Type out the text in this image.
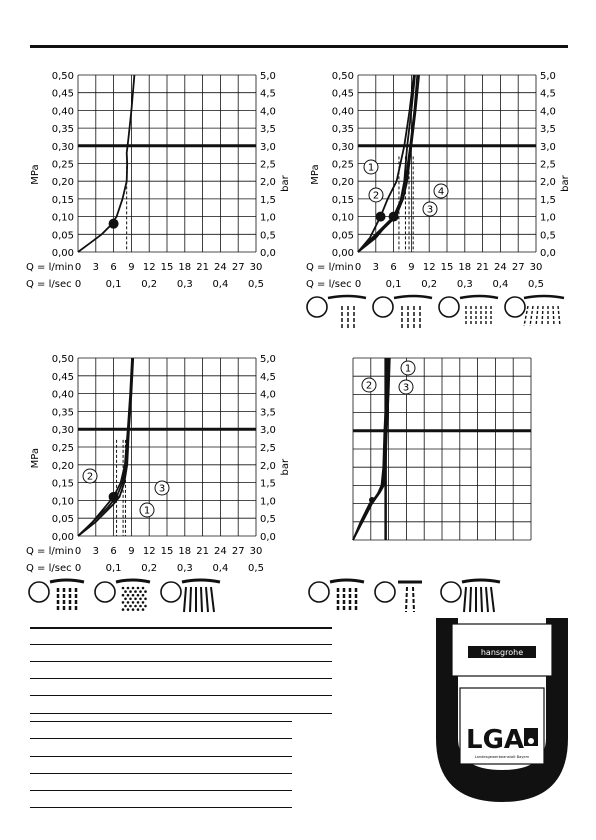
0,00
0,05
0,10
0,15
0,20
0,25
0,30
0,35
0,40
0,45
0,50
0,0
0,5
1,0
1,5
2,0
2,5
3,0
3,5
4,0
4,5
5,0
MPa	bar
Q = l/min
Q = l/sec
0 3 6 9 12 15 18 21 24 27 30
0 0,1 0,2 0,3 0,4 0,5
1
2	4
3
0,00
0,05
0,10
0,15
0,20
0,25
0,30
0,35
0,40
0,45
0,50
0,0
0,5
1,0
1,5
2,0
2,5
3,0
3,5
4,0
4,5
5,0
MPa	bar
Q = l/min
Q = l/sec
0 3 6 9 12 15 18 21 24 27 30
0 0,1 0,2 0,3 0,4 0,5
2
3
1
0,00
0,05
0,10
0,15
0,20
0,25
0,30
0,35
0,40
0,45
0,50
0,0
0,5
1,0
1,5
2,0
2,5
3,0
3,5
4,0
4,5
5,0
MPa	bar
Q = l/min
Q = l/sec
0 3 6 9 12 15 18 21 24 27 30
0 0,1 0,2 0,3 0,4 0,5
1
2	3
hansgrohe
LGA
Landesgewerbeanstalt Bayern
